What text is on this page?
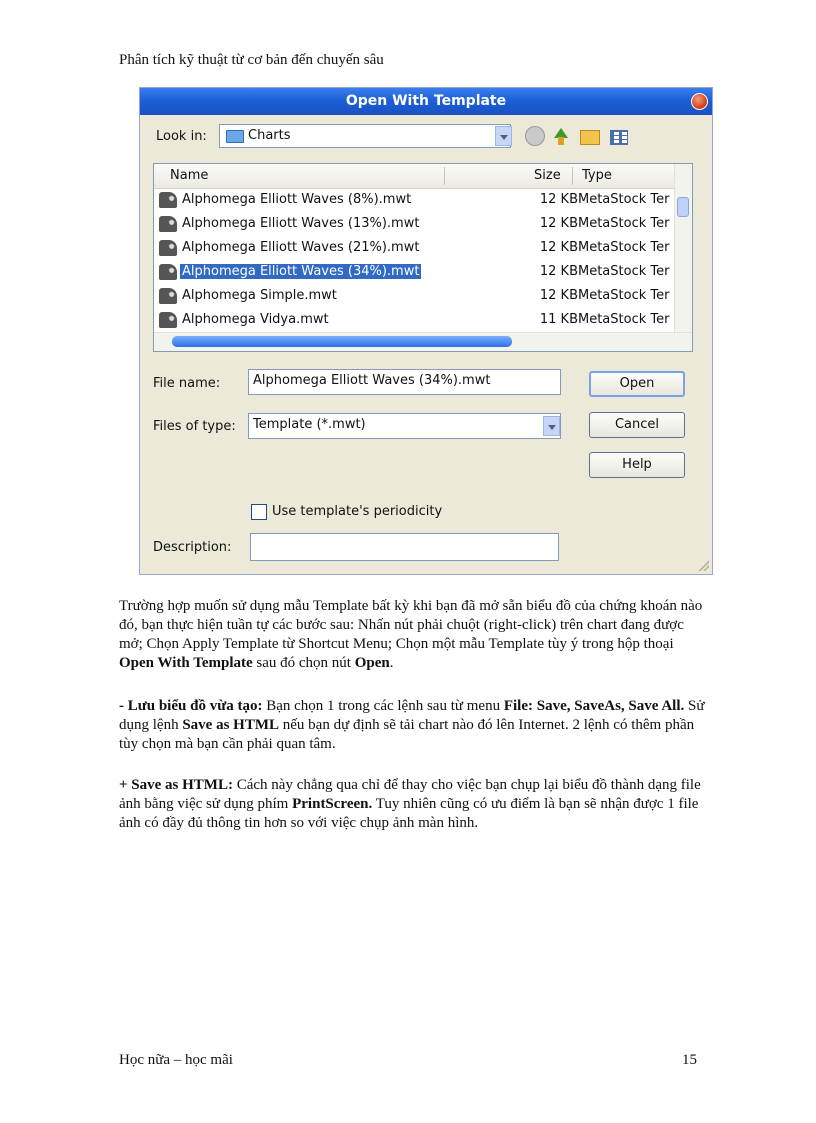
Phân tích kỹ thuật từ cơ bản đến chuyến sâu
Open With Template
Look in:	Charts
Name	Size Type
Alphomega Elliott Waves (8%).mwt	12 KB MetaStock Ter
Alphomega Elliott Waves (13%).mwt	12 KB MetaStock Ter
Alphomega Elliott Waves (21%).mwt	12 KB MetaStock Ter
Alphomega Elliott Waves (34%).mwt	12 KB MetaStock Ter
Alphomega Simple.mwt	12 KB MetaStock Ter
Alphomega Vidya.mwt	11 KB MetaStock Ter
File name:	Alphomega Elliott Waves (34%).mwt
Files of type:	Template (*.mwt)
Open
Cancel
Help
Use template's periodicity
Description:

Trường hợp muốn sử dụng mẫu Template bất kỳ khi bạn đã mở sẵn biểu đồ của chứng khoán nào đó, bạn thực hiện tuần tự các bước sau: Nhấn nút phải chuột (right-click) trên chart đang được mở; Chọn Apply Template từ Shortcut Menu; Chọn một mẫu Template tùy ý trong hộp thoại Open With Template sau đó chọn nút Open.

- Lưu biểu đồ vừa tạo: Bạn chọn 1 trong các lệnh sau từ menu File: Save, SaveAs, Save All. Sử dụng lệnh Save as HTML nếu bạn dự định sẽ tải chart nào đó lên Internet. 2 lệnh có thêm phần tùy chọn mà bạn cần phải quan tâm.

+ Save as HTML: Cách này chẳng qua chỉ để thay cho việc bạn chụp lại biểu đồ thành dạng file ảnh bằng việc sử dụng phím PrintScreen. Tuy nhiên cũng có ưu điểm là bạn sẽ nhận được 1 file ảnh có đầy đủ thông tin hơn so với việc chụp ảnh màn hình.

Học nữa – học mãi	15
